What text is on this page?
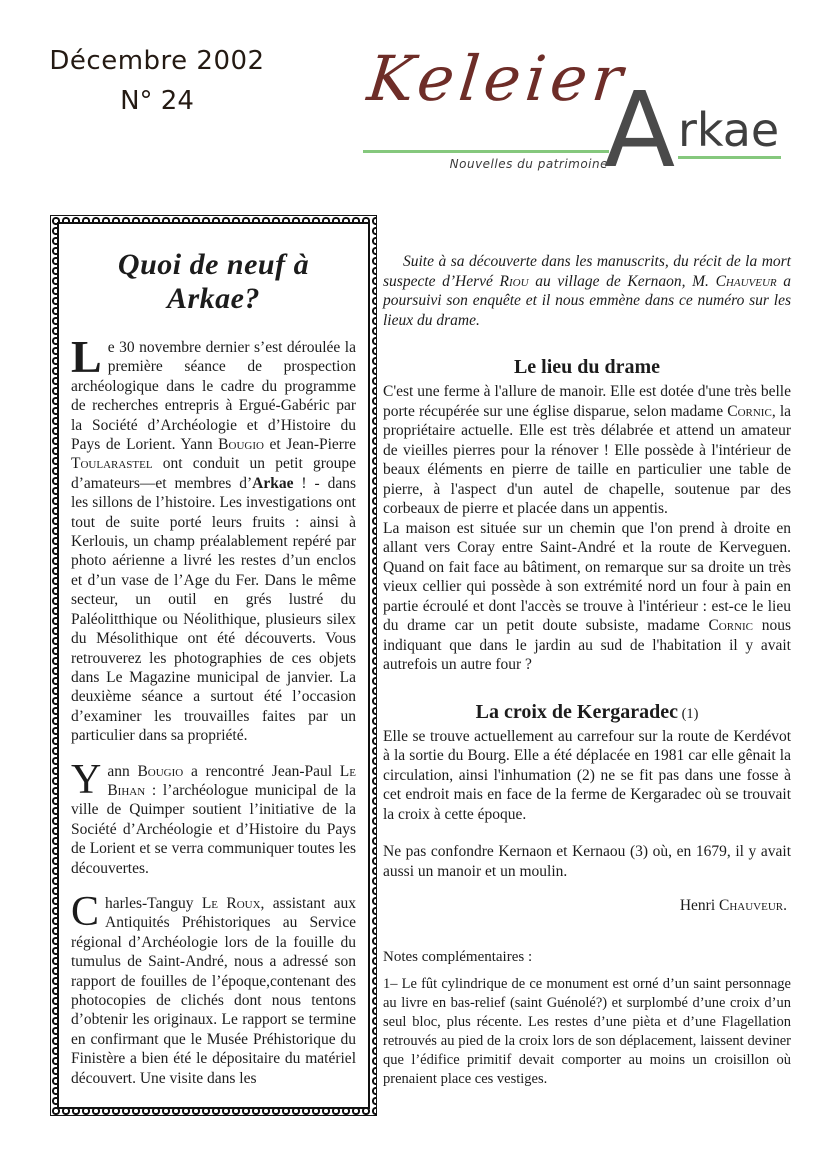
Décembre 2002
N° 24	Keleier
Nouvelles du patrimoine
A rkae
Quoi de neuf à Arkae?

Le 30 novembre dernier s’est déroulée la première séance de prospection archéologique dans le cadre du programme de recherches entrepris à Ergué-Gabéric par la Société d’Archéologie et d’Histoire du Pays de Lorient. Yann Bougio et Jean-Pierre Toularastel ont conduit un petit groupe d’amateurs—et membres d’Arkae ! - dans les sillons de l’histoire. Les investigations ont tout de suite porté leurs fruits : ainsi à Kerlouis, un champ préalablement repéré par photo aérienne a livré les restes d’un enclos et d’un vase de l’Age du Fer. Dans le même secteur, un outil en grés lustré du Paléolitthique ou Néolithique, plusieurs silex du Mésolithique ont été découverts. Vous retrouverez les photographies de ces objets dans Le Magazine municipal de janvier. La deuxième séance a surtout été l’occasion d’examiner les trouvailles faites par un particulier dans sa propriété.

Yann Bougio a rencontré Jean-Paul Le Bihan : l’archéologue municipal de la ville de Quimper soutient l’initiative de la Société d’Archéologie et d’Histoire du Pays de Lorient et se verra communiquer toutes les découvertes.

Charles-Tanguy Le Roux, assistant aux Antiquités Préhistoriques au Service régional d’Archéologie lors de la fouille du tumulus de Saint-André, nous a adressé son rapport de fouilles de l’époque,contenant des photocopies de clichés dont nous tentons d’obtenir les originaux. Le rapport se termine en confirmant que le Musée Préhistorique du Finistère a bien été le dépositaire du matériel découvert. Une visite dans les

Suite à sa découverte dans les manuscrits, du récit de la mort suspecte d’Hervé Riou au village de Kernaon, M. Chauveur a poursuivi son enquête et il nous emmène dans ce numéro sur les lieux du drame.

Le lieu du drame

C'est une ferme à l'allure de manoir. Elle est dotée d'une très belle porte récupérée sur une église disparue, selon madame Cornic, la propriétaire actuelle. Elle est très délabrée et attend un amateur de vieilles pierres pour la rénover ! Elle possède à l'intérieur de beaux éléments en pierre de taille en particulier une table de pierre, à l'aspect d'un autel de chapelle, soutenue par des corbeaux de pierre et placée dans un appentis.

La maison est située sur un chemin que l'on prend à droite en allant vers Coray entre Saint-André et la route de Kerveguen. Quand on fait face au bâtiment, on remarque sur sa droite un très vieux cellier qui possède à son extrémité nord un four à pain en partie écroulé et dont l'accès se trouve à l'intérieur : est-ce le lieu du drame car un petit doute subsiste, madame Cornic nous indiquant que dans le jardin au sud de l'habitation il y avait autrefois un autre four ?

La croix de Kergaradec (1)

Elle se trouve actuellement au carrefour sur la route de Kerdévot à la sortie du Bourg. Elle a été déplacée en 1981 car elle gênait la circulation, ainsi l'inhumation (2) ne se fit pas dans une fosse à cet endroit mais en face de la ferme de Kergaradec où se trouvait la croix à cette époque.

Ne pas confondre Kernaon et Kernaou (3) où, en 1679, il y avait aussi un manoir et un moulin.

Henri Chauveur.
Notes complémentaires :

1– Le fût cylindrique de ce monument est orné d’un saint personnage au livre en bas-relief (saint Guénolé?) et surplombé d’une croix d’un seul bloc, plus récente. Les restes d’une pièta et d’une Flagellation retrouvés au pied de la croix lors de son déplacement, laissent deviner que l’édifice primitif devait comporter au moins un croisillon où prenaient place ces vestiges.
